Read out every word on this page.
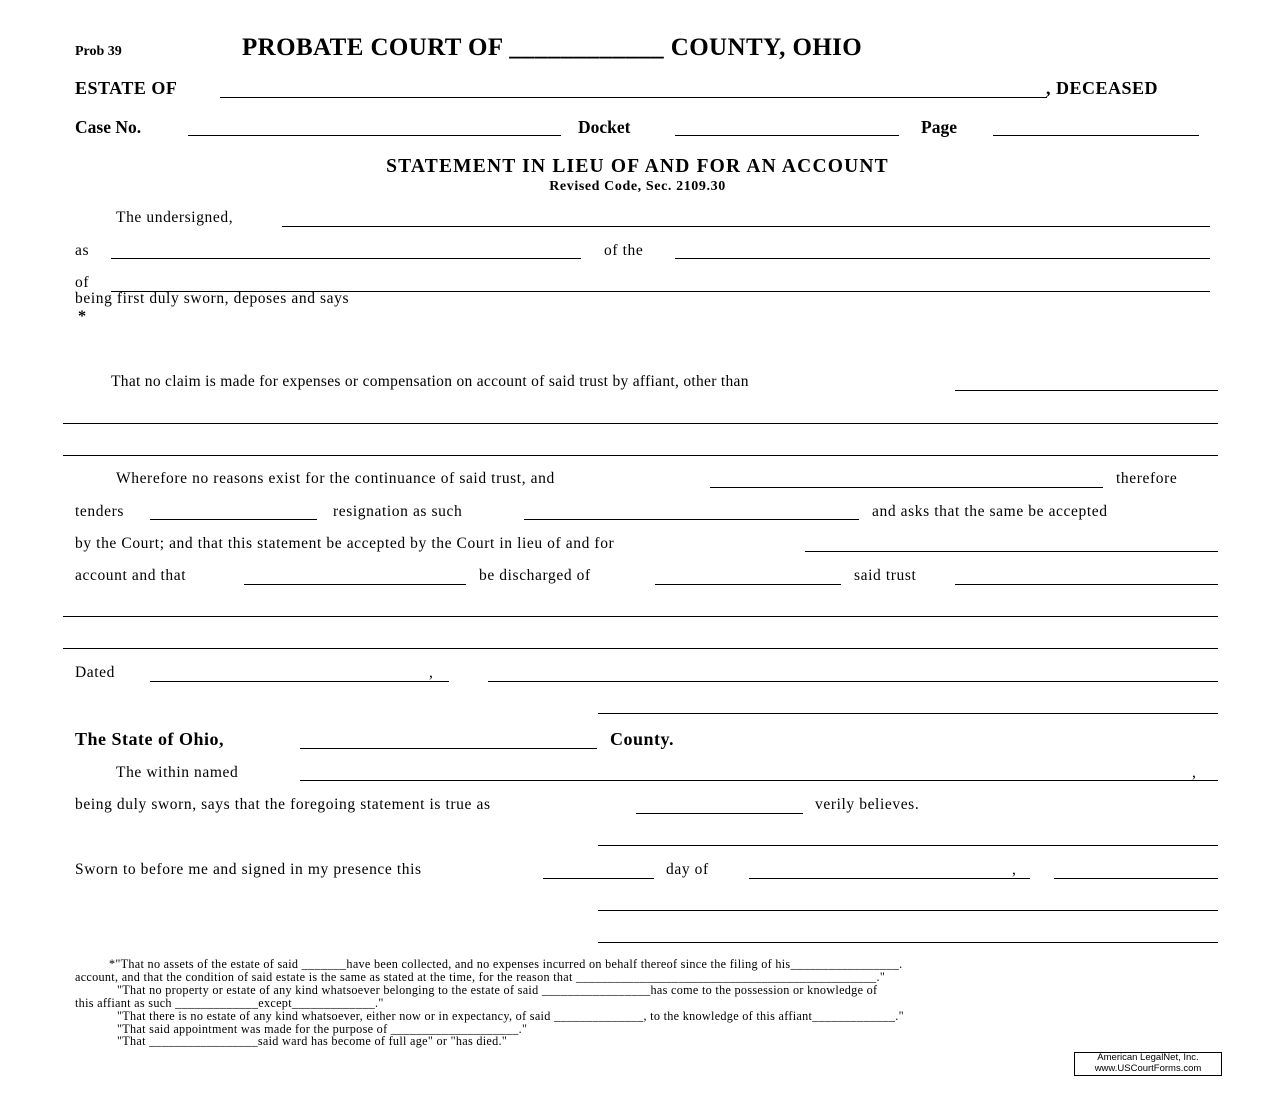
Prob 39	PROBATE COURT OF ____________ COUNTY, OHIO
ESTATE OF	, DECEASED
Case No.	Docket	Page
STATEMENT IN LIEU OF AND FOR AN ACCOUNT
Revised Code, Sec. 2109.30
The undersigned,
as	of the
of
being first duly sworn, deposes and says
*
That no claim is made for expenses or compensation on account of said trust by affiant, other than
Wherefore no reasons exist for the continuance of said trust, and	therefore
tenders	resignation as such	and asks that the same be accepted
by the Court; and that this statement be accepted by the Court in lieu of and for
account and that	be discharged of	said trust
Dated	,
The State of Ohio,	County.
The within named	,
being duly sworn, says that the foregoing statement is true as	verily believes.
Sworn to before me and signed in my presence this	day of	,
*"That no assets of the estate of said _______have been collected, and no expenses incurred on behalf thereof since the filing of his_________________.
account, and that the condition of said estate is the same as stated at the time, for the reason that _______________________________________________."
"That no property or estate of any kind whatsoever belonging to the estate of said _________________has come to the possession or knowledge of
this affiant as such _____________except_____________."
"That there is no estate of any kind whatsoever, either now or in expectancy, of said ______________, to the knowledge of this affiant_____________."
"That said appointment was made for the purpose of ____________________."
"That _________________said ward has become of full age" or "has died."
American LegalNet, Inc.
www.USCourtForms.com
